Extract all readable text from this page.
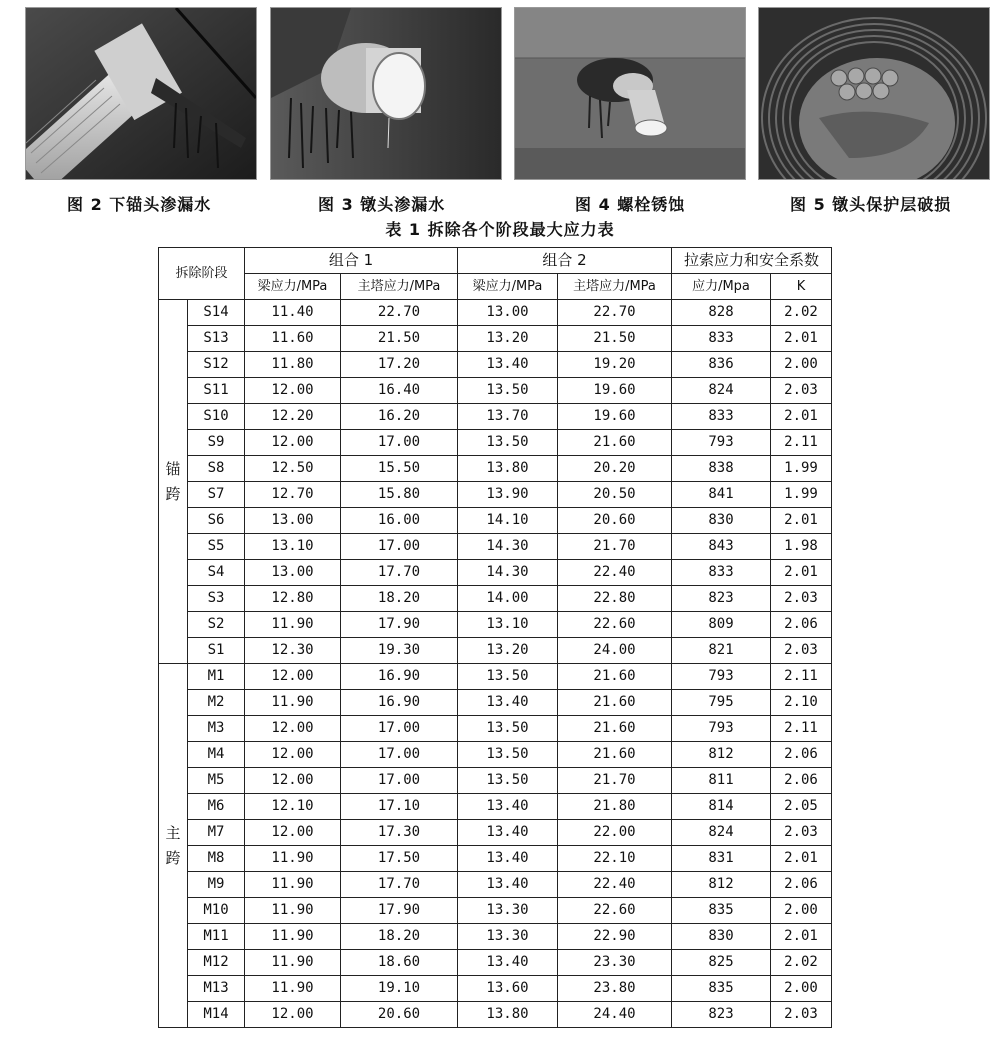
图 2 下锚头渗漏水	图 3 镦头渗漏水	图 4 螺栓锈蚀	图 5 镦头保护层破损
表 1 拆除各个阶段最大应力表
拆除阶段		组合 1		组合 2		拉索应力和安全系数	
		梁应力/MPa	主塔应力/MPa	梁应力/MPa	主塔应力/MPa	应力/Mpa	K

锚
跨	S14	11.40	22.70	13.00	22.70	828	2.02
	S13	11.60	21.50	13.20	21.50	833	2.01
	S12	11.80	17.20	13.40	19.20	836	2.00
	S11	12.00	16.40	13.50	19.60	824	2.03
	S10	12.20	16.20	13.70	19.60	833	2.01
	S9	12.00	17.00	13.50	21.60	793	2.11
	S8	12.50	15.50	13.80	20.20	838	1.99
	S7	12.70	15.80	13.90	20.50	841	1.99
	S6	13.00	16.00	14.10	20.60	830	2.01
	S5	13.10	17.00	14.30	21.70	843	1.98
	S4	13.00	17.70	14.30	22.40	833	2.01
	S3	12.80	18.20	14.00	22.80	823	2.03
	S2	11.90	17.90	13.10	22.60	809	2.06
	S1	12.30	19.30	13.20	24.00	821	2.03

主
跨	M1	12.00	16.90	13.50	21.60	793	2.11
	M2	11.90	16.90	13.40	21.60	795	2.10
	M3	12.00	17.00	13.50	21.60	793	2.11
	M4	12.00	17.00	13.50	21.60	812	2.06
	M5	12.00	17.00	13.50	21.70	811	2.06
	M6	12.10	17.10	13.40	21.80	814	2.05
	M7	12.00	17.30	13.40	22.00	824	2.03
	M8	11.90	17.50	13.40	22.10	831	2.01
	M9	11.90	17.70	13.40	22.40	812	2.06
	M10	11.90	17.90	13.30	22.60	835	2.00
	M11	11.90	18.20	13.30	22.90	830	2.01
	M12	11.90	18.60	13.40	23.30	825	2.02
	M13	11.90	19.10	13.60	23.80	835	2.00
	M14	12.00	20.60	13.80	24.40	823	2.03
